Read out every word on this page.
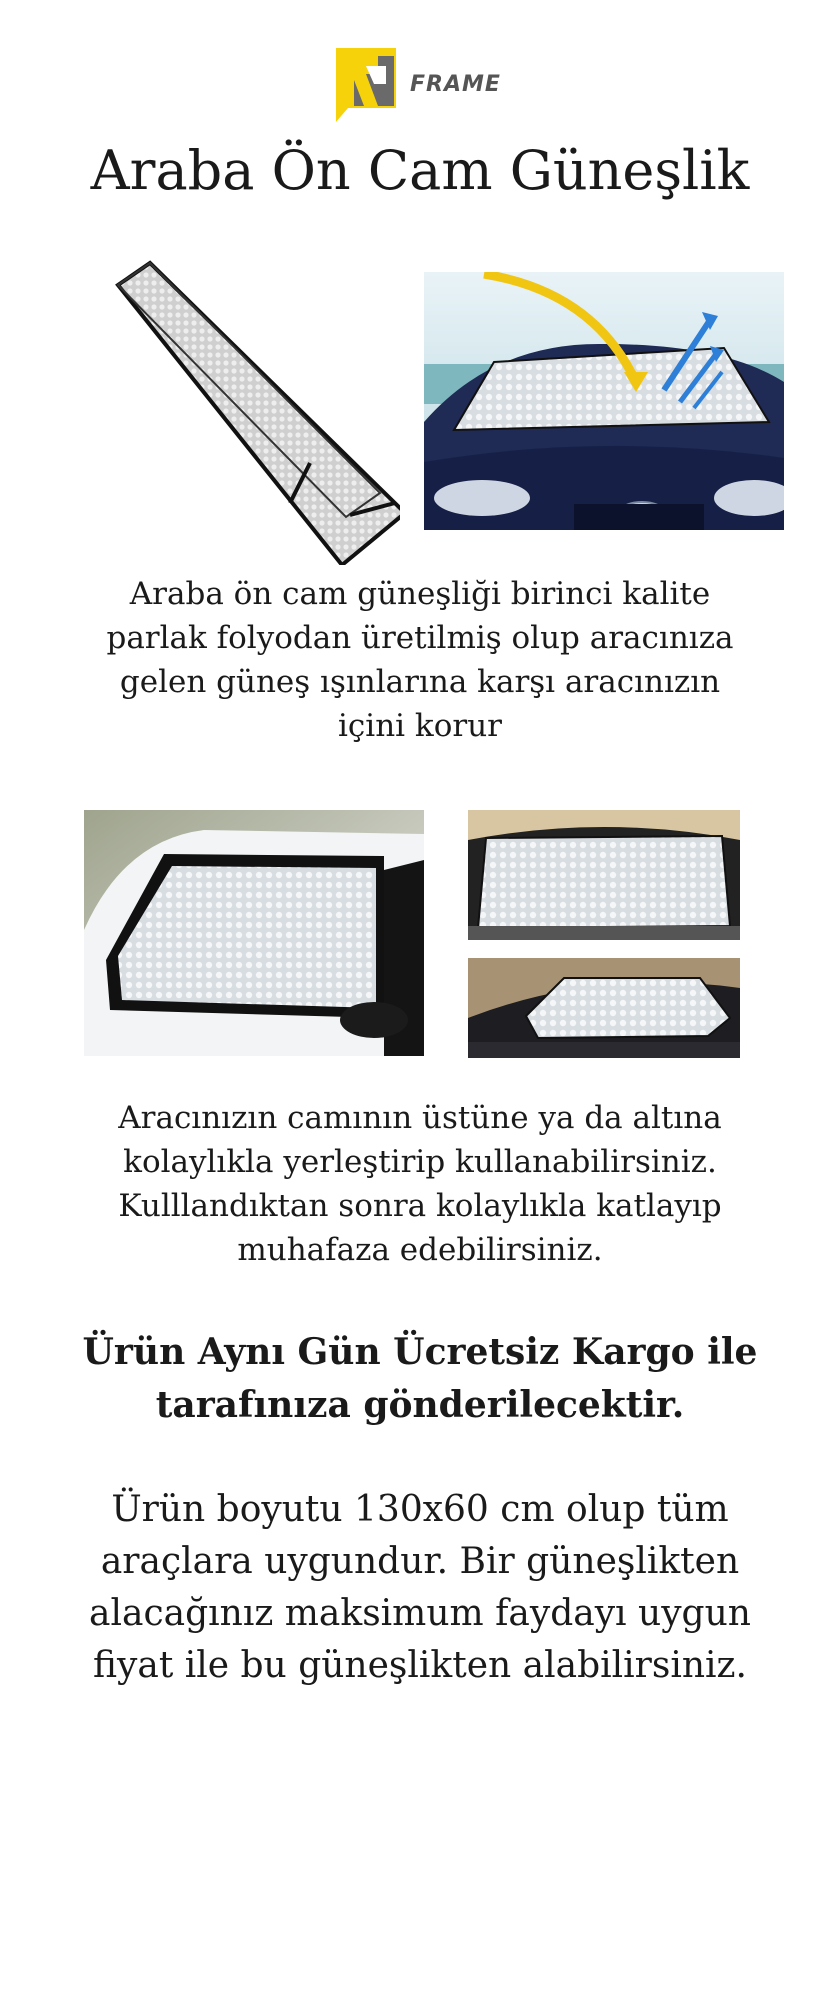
FRAME
Araba Ön Cam Güneşlik

Araba ön cam güneşliği birinci kalite parlak folyodan üretilmiş olup aracınıza gelen güneş ışınlarına karşı aracınızın içini korur

Aracınızın camının üstüne ya da altına kolaylıkla yerleştirip kullanabilirsiniz. Kulllandıktan sonra kolaylıkla katlayıp muhafaza edebilirsiniz.

Ürün Aynı Gün Ücretsiz Kargo ile tarafınıza gönderilecektir.

Ürün boyutu 130x60 cm olup tüm araçlara uygundur. Bir güneşlikten alacağınız maksimum faydayı uygun fiyat ile bu güneşlikten alabilirsiniz.
